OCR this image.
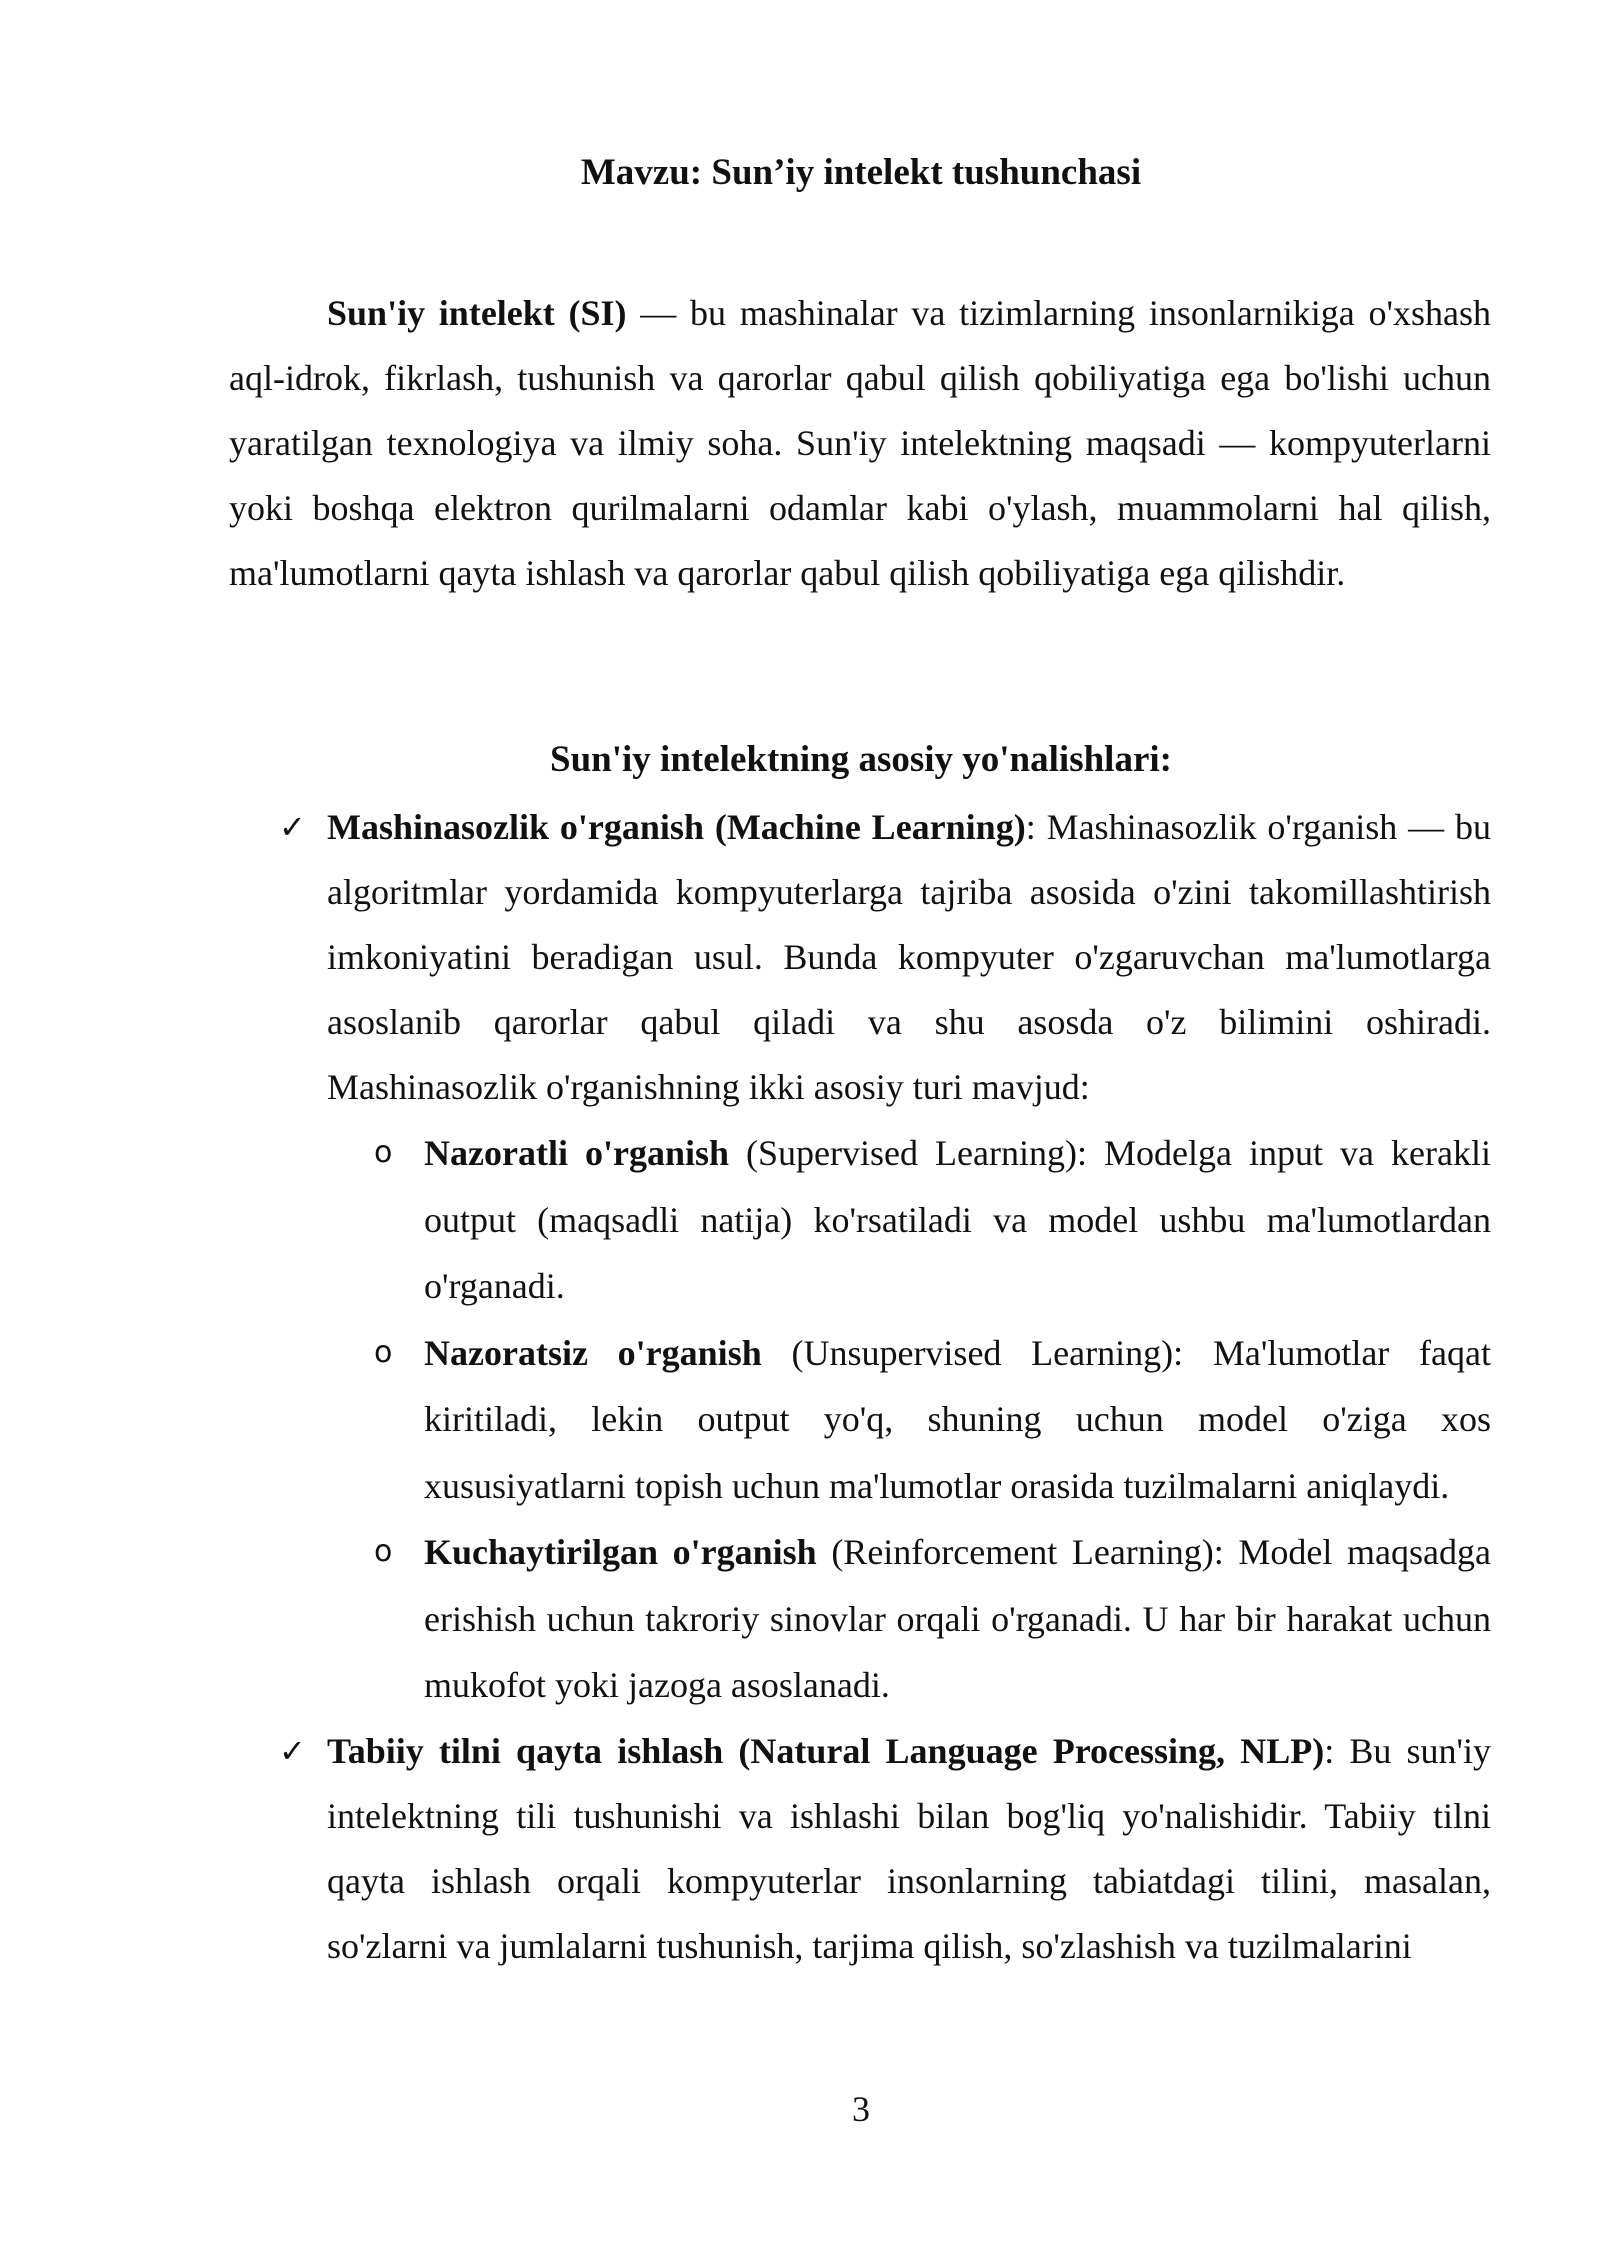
Mavzu: Sun’iy intelekt tushunchasi

Sun'iy intelekt (SI) — bu mashinalar va tizimlarning insonlarnikiga o'xshash aql-idrok, fikrlash, tushunish va qarorlar qabul qilish qobiliyatiga ega bo'lishi uchun yaratilgan texnologiya va ilmiy soha. Sun'iy intelektning maqsadi — kompyuterlarni yoki boshqa elektron qurilmalarni odamlar kabi o'ylash, muammolarni hal qilish, ma'lumotlarni qayta ishlash va qarorlar qabul qilish qobiliyatiga ega qilishdir.

Sun'iy intelektning asosiy yo'nalishlari:
✓ Mashinasozlik o'rganish (Machine Learning): Mashinasozlik o'rganish — bu algoritmlar yordamida kompyuterlarga tajriba asosida o'zini takomillashtirish imkoniyatini beradigan usul. Bunda kompyuter o'zgaruvchan ma'lumotlarga asoslanib qarorlar qabul qiladi va shu asosda o'z bilimini oshiradi. Mashinasozlik o'rganishning ikki asosiy turi mavjud:
o Nazoratli o'rganish (Supervised Learning): Modelga input va kerakli output (maqsadli natija) ko'rsatiladi va model ushbu ma'lumotlardan o'rganadi.
o Nazoratsiz o'rganish (Unsupervised Learning): Ma'lumotlar faqat kiritiladi, lekin output yo'q, shuning uchun model o'ziga xos xususiyatlarni topish uchun ma'lumotlar orasida tuzilmalarni aniqlaydi.
o Kuchaytirilgan o'rganish (Reinforcement Learning): Model maqsadga erishish uchun takroriy sinovlar orqali o'rganadi. U har bir harakat uchun mukofot yoki jazoga asoslanadi.
✓ Tabiiy tilni qayta ishlash (Natural Language Processing, NLP): Bu sun'iy intelektning tili tushunishi va ishlashi bilan bog'liq yo'nalishidir. Tabiiy tilni qayta ishlash orqali kompyuterlar insonlarning tabiatdagi tilini, masalan, so'zlarni va jumlalarni tushunish, tarjima qilish, so'zlashish va tuzilmalarini
3
